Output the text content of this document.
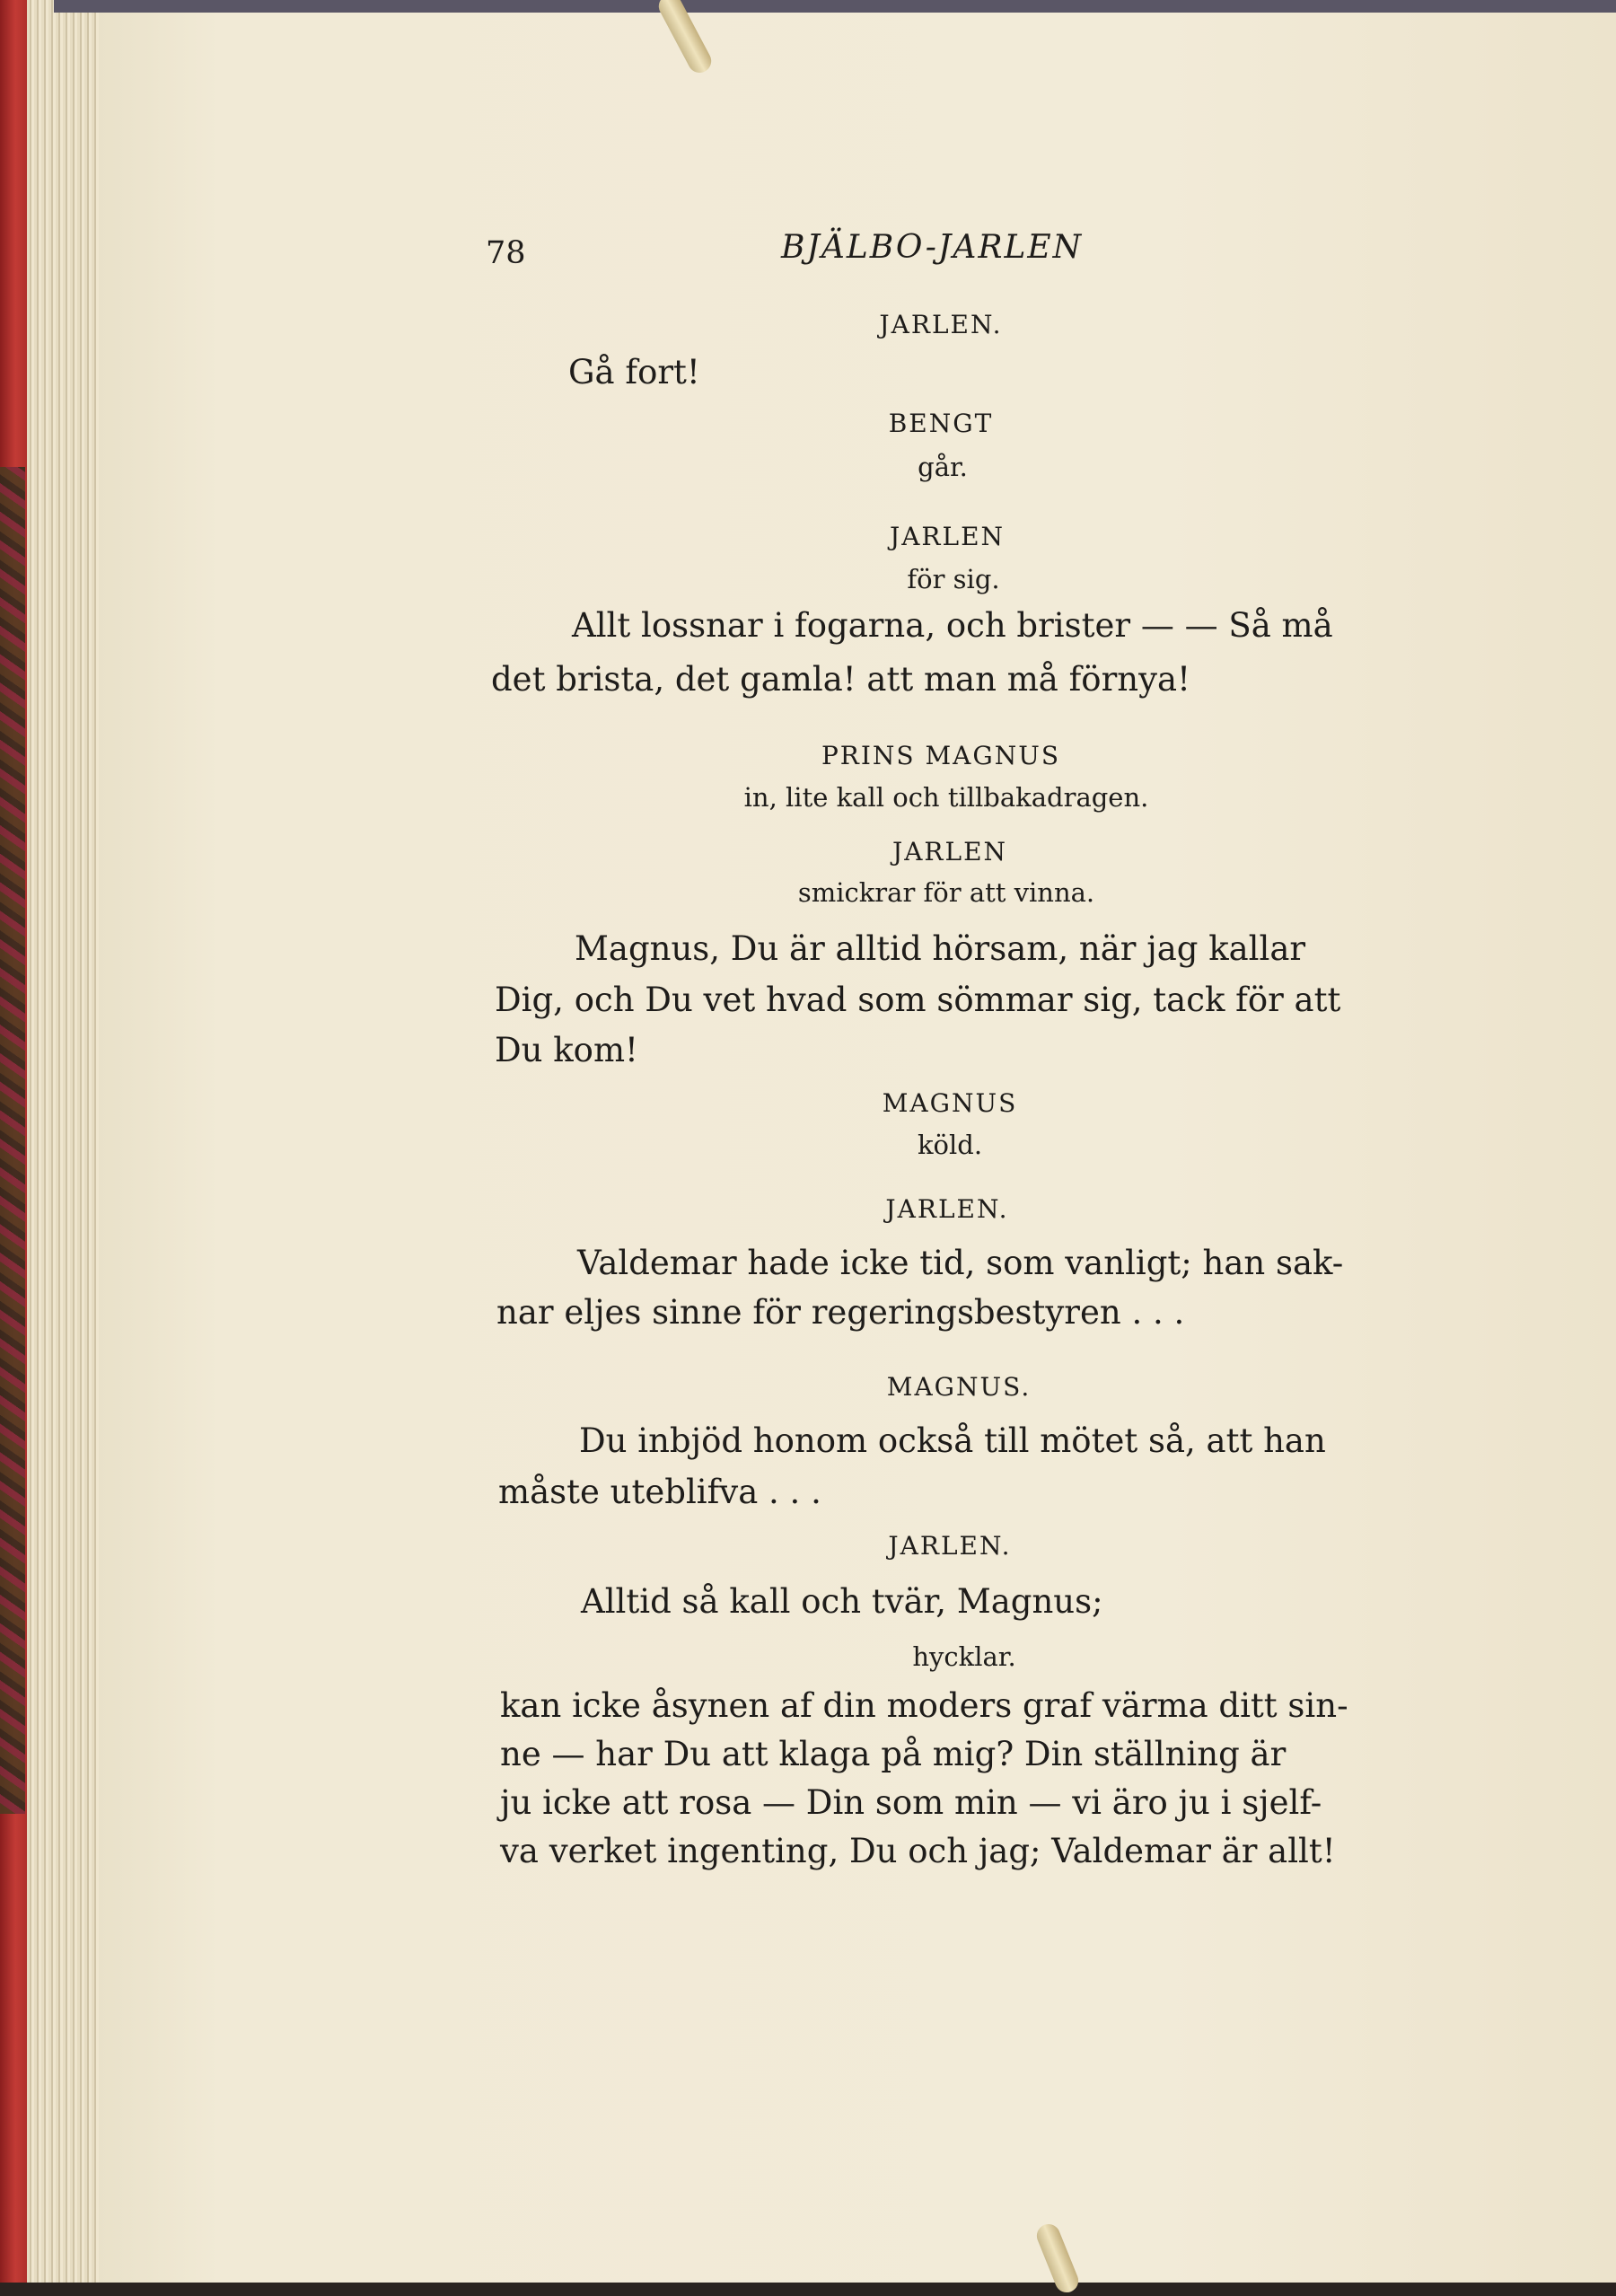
78	BJÄLBO-JARLEN
JARLEN.
Gå fort!
BENGT
går.
JARLEN
för sig.
Allt lossnar i fogarna, och brister — — Så må
det brista, det gamla! att man må förnya!
PRINS MAGNUS
in, lite kall och tillbakadragen.
JARLEN
smickrar för att vinna.
Magnus, Du är alltid hörsam, när jag kallar
Dig, och Du vet hvad som sömmar sig, tack för att
Du kom!
MAGNUS
köld.
JARLEN.
Valdemar hade icke tid, som vanligt; han sak-
nar eljes sinne för regeringsbestyren . . .
MAGNUS.
Du inbjöd honom också till mötet så, att han
måste uteblifva . . .
JARLEN.
Alltid så kall och tvär, Magnus;
hycklar.
kan icke åsynen af din moders graf värma ditt sin-
ne — har Du att klaga på mig? Din ställning är
ju icke att rosa — Din som min — vi äro ju i sjelf-
va verket ingenting, Du och jag; Valdemar är allt!
